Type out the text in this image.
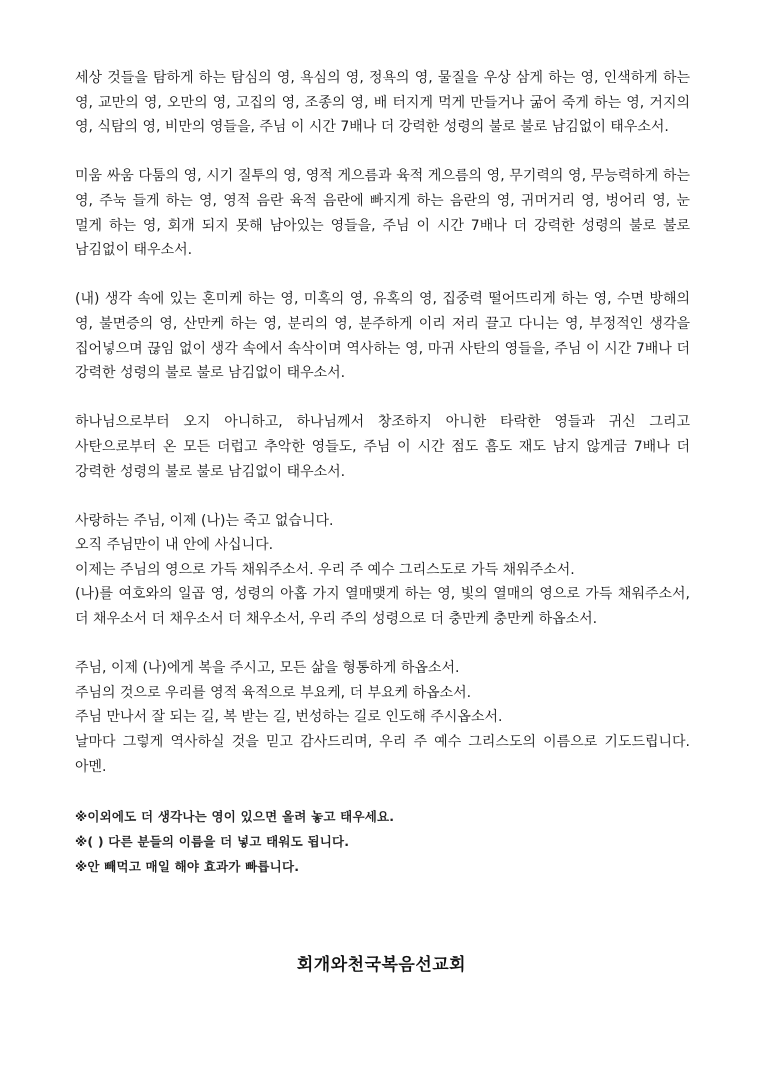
세상 것들을 탐하게 하는 탐심의 영, 욕심의 영, 정욕의 영, 물질을 우상 삼게 하는 영, 인색하게 하는 영, 교만의 영, 오만의 영, 고집의 영, 조종의 영, 배 터지게 먹게 만들거나 굶어 죽게 하는 영, 거지의 영, 식탐의 영, 비만의 영들을, 주님 이 시간 7배나 더 강력한 성령의 불로 불로 남김없이 태우소서.

미움 싸움 다툼의 영, 시기 질투의 영, 영적 게으름과 육적 게으름의 영, 무기력의 영, 무능력하게 하는 영, 주눅 들게 하는 영, 영적 음란 육적 음란에 빠지게 하는 음란의 영, 귀머거리 영, 벙어리 영, 눈 멀게 하는 영, 회개 되지 못해 남아있는 영들을, 주님 이 시간 7배나 더 강력한 성령의 불로 불로 남김없이 태우소서.

(내) 생각 속에 있는 혼미케 하는 영, 미혹의 영, 유혹의 영, 집중력 떨어뜨리게 하는 영, 수면 방해의 영, 불면증의 영, 산만케 하는 영, 분리의 영, 분주하게 이리 저리 끌고 다니는 영, 부정적인 생각을 집어넣으며 끊임 없이 생각 속에서 속삭이며 역사하는 영, 마귀 사탄의 영들을, 주님 이 시간 7배나 더 강력한 성령의 불로 불로 남김없이 태우소서.

하나님으로부터 오지 아니하고, 하나님께서 창조하지 아니한 타락한 영들과 귀신 그리고 사탄으로부터 온 모든 더럽고 추악한 영들도, 주님 이 시간 점도 흠도 재도 남지 않게금 7배나 더 강력한 성령의 불로 불로 남김없이 태우소서.

사랑하는 주님, 이제 (나)는 죽고 없습니다.
오직 주님만이 내 안에 사십니다.
이제는 주님의 영으로 가득 채워주소서. 우리 주 예수 그리스도로 가득 채워주소서.
(나)를 여호와의 일곱 영, 성령의 아홉 가지 열매맺게 하는 영, 빛의 열매의 영으로 가득 채워주소서, 더 채우소서 더 채우소서 더 채우소서, 우리 주의 성령으로 더 충만케 충만케 하옵소서.

주님, 이제 (나)에게 복을 주시고, 모든 삶을 형통하게 하옵소서.
주님의 것으로 우리를 영적 육적으로 부요케, 더 부요케 하옵소서.
주님 만나서 잘 되는 길, 복 받는 길, 번성하는 길로 인도해 주시옵소서.
날마다 그렇게 역사하실 것을 믿고 감사드리며, 우리 주 예수 그리스도의 이름으로 기도드립니다. 아멘.

※이외에도 더 생각나는 영이 있으면 올려 놓고 태우세요.
※( ) 다른 분들의 이름을 더 넣고 태워도 됩니다.
※안 빼먹고 매일 해야 효과가 빠릅니다.
회개와천국복음선교회
